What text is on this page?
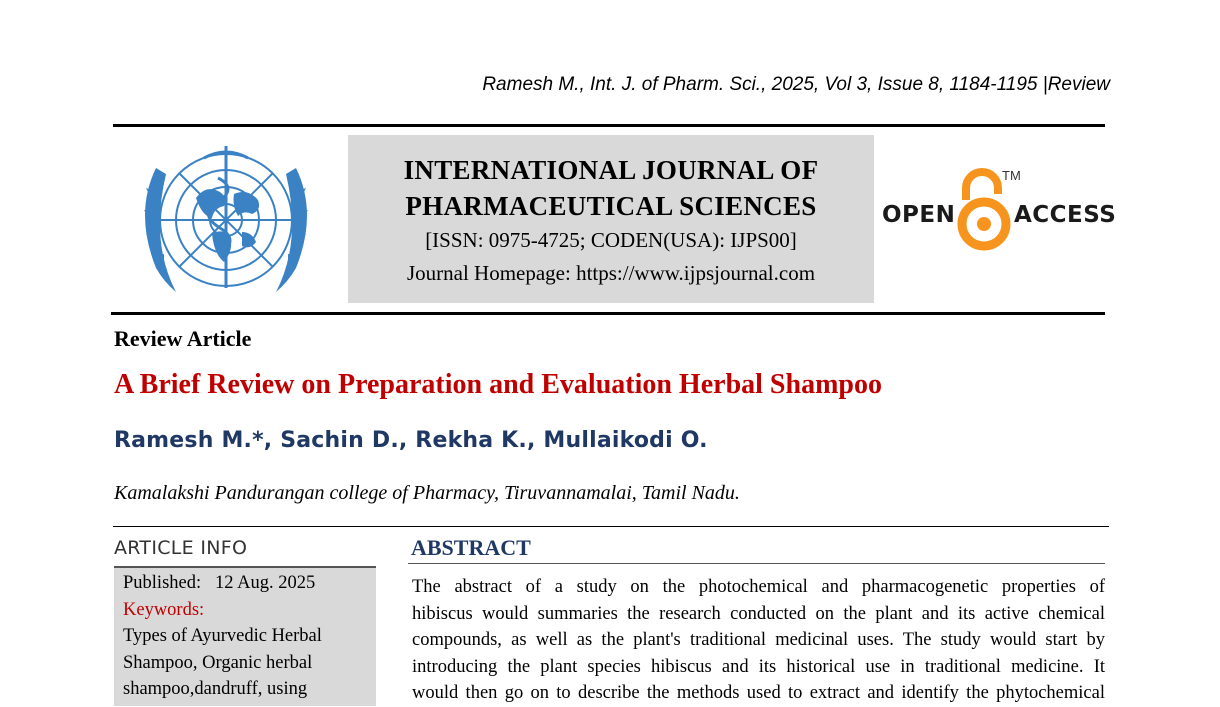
Ramesh M., Int. J. of Pharm. Sci., 2025, Vol 3, Issue 8, 1184-1195 |Review
INTERNATIONAL JOURNAL OF
PHARMACEUTICAL SCIENCES
[ISSN: 0975-4725; CODEN(USA): IJPS00]
Journal Homepage: https://www.ijpsjournal.com
OPEN	ACCESS
TM
Review Article
A Brief Review on Preparation and Evaluation Herbal Shampoo
Ramesh M.*, Sachin D., Rekha K., Mullaikodi O.
Kamalakshi Pandurangan college of Pharmacy, Tiruvannamalai, Tamil Nadu.
ARTICLE INFO
Published: 12 Aug. 2025
Keywords:
Types of Ayurvedic Herbal
Shampoo, Organic herbal
shampoo,dandruff, using
ABSTRACT
The abstract of a study on the photochemical and pharmacogenetic properties of
hibiscus would summaries the research conducted on the plant and its active chemical
compounds, as well as the plant's traditional medicinal uses. The study would start by
introducing the plant species hibiscus and its historical use in traditional medicine. It
would then go on to describe the methods used to extract and identify the phytochemical
